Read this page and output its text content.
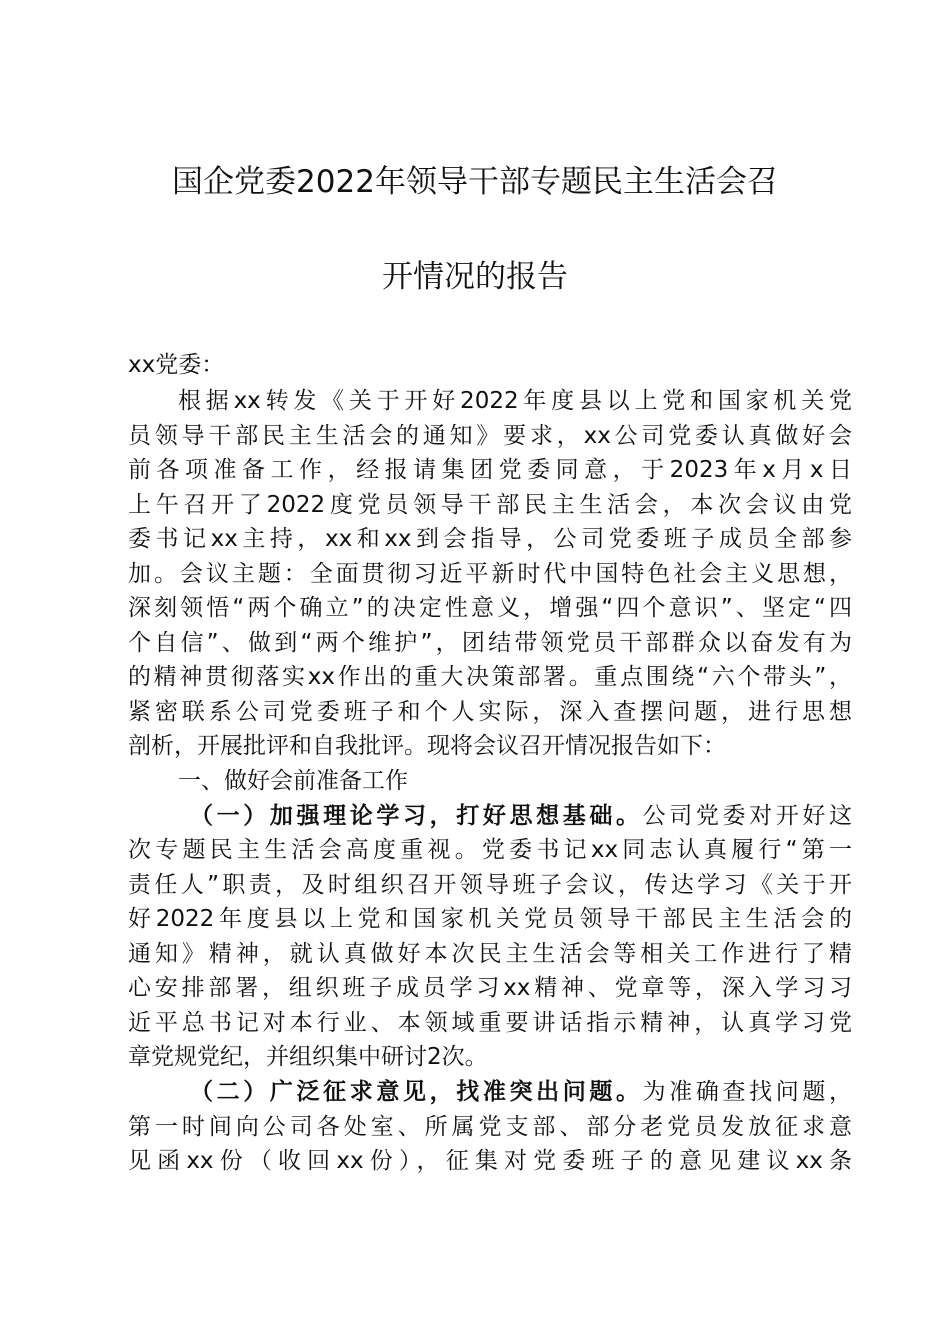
国企党委2022年领导干部专题民主生活会召
开情况的报告
xx党委：
根据xx转发《关于开好2022年度县以上党和国家机关党
员领导干部民主生活会的通知》要求，xx公司党委认真做好会
前各项准备工作，经报请集团党委同意，于2023年x月x日
上午召开了2022度党员领导干部民主生活会，本次会议由党
委书记xx主持，xx和xx到会指导，公司党委班子成员全部参
加。会议主题：全面贯彻习近平新时代中国特色社会主义思想，
深刻领悟“两个确立”的决定性意义，增强“四个意识”、坚定“四
个自信”、做到“两个维护”，团结带领党员干部群众以奋发有为
的精神贯彻落实xx作出的重大决策部署。重点围绕“六个带头”，
紧密联系公司党委班子和个人实际，深入查摆问题，进行思想
剖析，开展批评和自我批评。现将会议召开情况报告如下：
一、做好会前准备工作
（一）加强理论学习，打好思想基础。公司党委对开好这
次专题民主生活会高度重视。党委书记xx同志认真履行“第一
责任人”职责，及时组织召开领导班子会议，传达学习《关于开
好2022年度县以上党和国家机关党员领导干部民主生活会的
通知》精神，就认真做好本次民主生活会等相关工作进行了精
心安排部署，组织班子成员学习xx精神、党章等，深入学习习
近平总书记对本行业、本领域重要讲话指示精神，认真学习党
章党规党纪，并组织集中研讨2次。
（二）广泛征求意见，找准突出问题。为准确查找问题，
第一时间向公司各处室、所属党支部、部分老党员发放征求意
见函xx份（收回xx份），征集对党委班子的意见建议xx条
